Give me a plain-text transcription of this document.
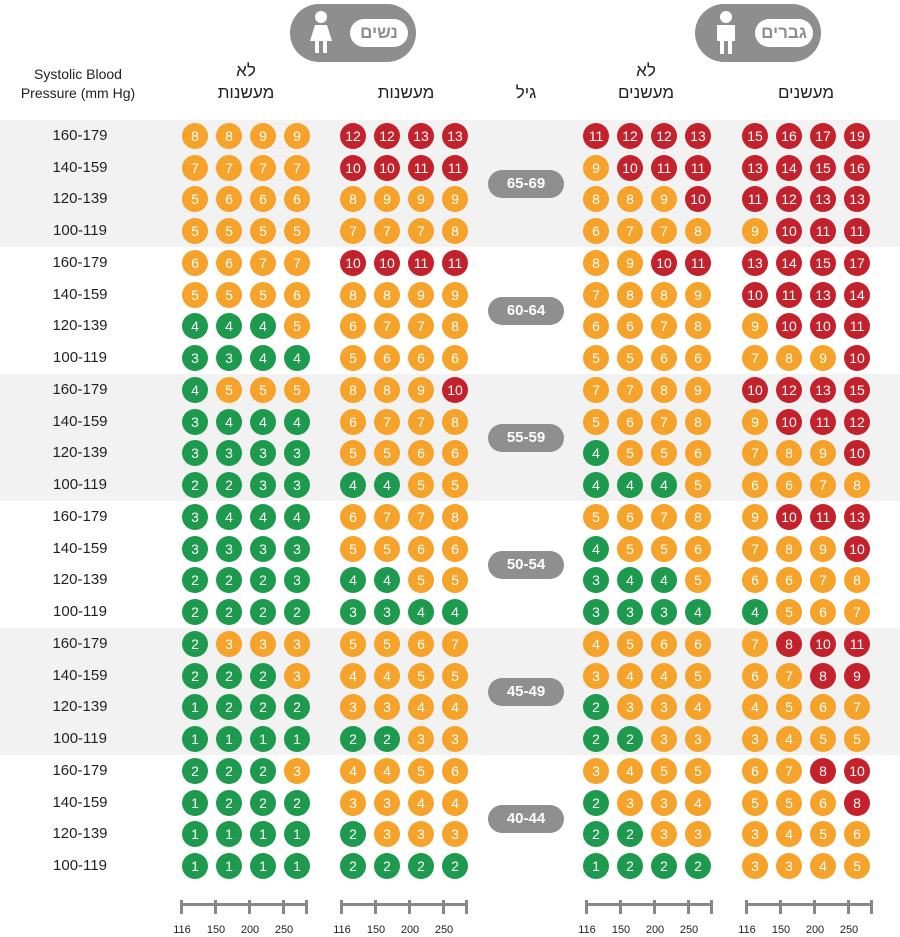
נשים	גברים
Systolic Blood
Pressure (mm Hg)
לא
מעשנות	מעשנות	גיל
לא
מעשנים	מעשנים
65-69
160-179	8	8	9	9	12	12	13	13	11	12	12	13	15	16	17	19
140-159	7	7	7	7	10	10	11	11	9	10	11	11	13	14	15	16
120-139	5	6	6	6	8	9	9	9	8	8	9	10	11	12	13	13
100-119	5	5	5	5	7	7	7	8	6	7	7	8	9	10	11	11
60-64
160-179	6	6	7	7	10	10	11	11	8	9	10	11	13	14	15	17
140-159	5	5	5	6	8	8	9	9	7	8	8	9	10	11	13	14
120-139	4	4	4	5	6	7	7	8	6	6	7	8	9	10	10	11
100-119	3	3	4	4	5	6	6	6	5	5	6	6	7	8	9	10
55-59
160-179	4	5	5	5	8	8	9	10	7	7	8	9	10	12	13	15
140-159	3	4	4	4	6	7	7	8	5	6	7	8	9	10	11	12
120-139	3	3	3	3	5	5	6	6	4	5	5	6	7	8	9	10
100-119	2	2	3	3	4	4	5	5	4	4	4	5	6	6	7	8
50-54
160-179	3	4	4	4	6	7	7	8	5	6	7	8	9	10	11	13
140-159	3	3	3	3	5	5	6	6	4	5	5	6	7	8	9	10
120-139	2	2	2	3	4	4	5	5	3	4	4	5	6	6	7	8
100-119	2	2	2	2	3	3	4	4	3	3	3	4	4	5	6	7
45-49
160-179	2	3	3	3	5	5	6	7	4	5	6	6	7	8	10	11
140-159	2	2	2	3	4	4	5	5	3	4	4	5	6	7	8	9
120-139	1	2	2	2	3	3	4	4	2	3	3	4	4	5	6	7
100-119	1	1	1	1	2	2	3	3	2	2	3	3	3	4	5	5
40-44
160-179	2	2	2	3	4	4	5	6	3	4	5	5	6	7	8	10
140-159	1	2	2	2	3	3	4	4	2	3	3	4	5	5	6	8
120-139	1	1	1	1	2	3	3	3	2	2	3	3	3	4	5	6
100-119	1	1	1	1	2	2	2	2	1	2	2	2	3	3	4	5
116 150 200 250	116 150 200 250	116 150 200 250	116 150 200 250
